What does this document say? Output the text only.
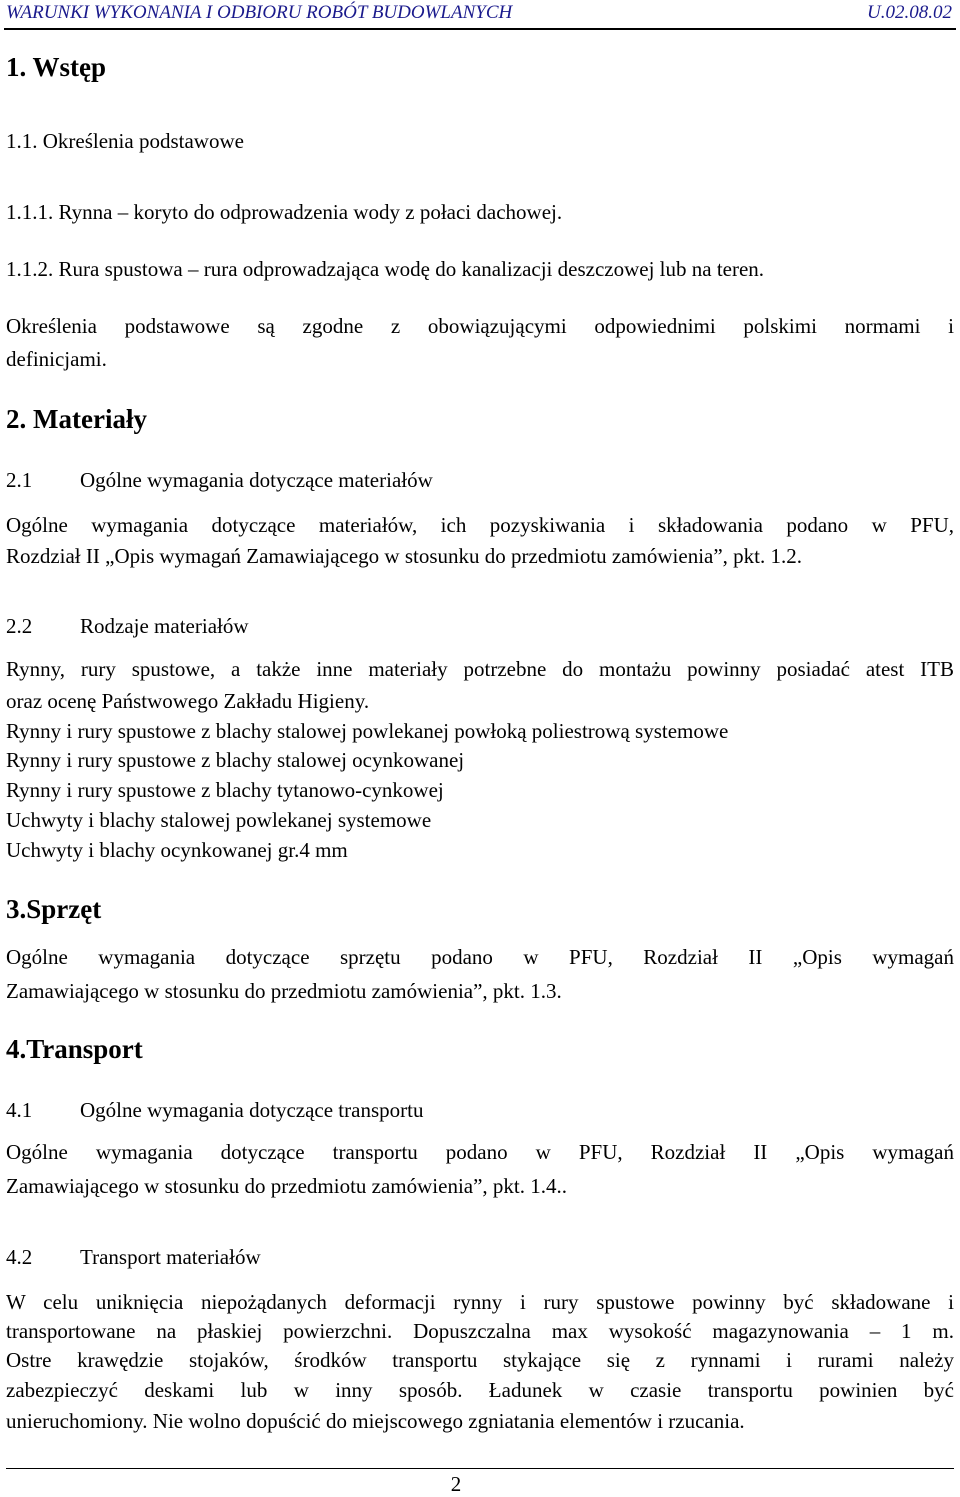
WARUNKI WYKONANIA I ODBIORU ROBÓT BUDOWLANYCH	U.02.08.02
1. Wstęp
1.1. Określenia podstawowe
1.1.1. Rynna – koryto do odprowadzenia wody z połaci dachowej.
1.1.2. Rura spustowa – rura odprowadzająca wodę do kanalizacji deszczowej lub na teren.
Określenia podstawowe są zgodne z obowiązującymi odpowiednimi polskimi normami i
definicjami.
2. Materiały
2.1 Ogólne wymagania dotyczące materiałów
Ogólne wymagania dotyczące materiałów, ich pozyskiwania i składowania podano w PFU,
Rozdział II „Opis wymagań Zamawiającego w stosunku do przedmiotu zamówienia”, pkt. 1.2.
2.2 Rodzaje materiałów
Rynny, rury spustowe, a także inne materiały potrzebne do montażu powinny posiadać atest ITB
oraz ocenę Państwowego Zakładu Higieny.
Rynny i rury spustowe z blachy stalowej powlekanej powłoką poliestrową systemowe
Rynny i rury spustowe z blachy stalowej ocynkowanej
Rynny i rury spustowe z blachy tytanowo-cynkowej
Uchwyty i blachy stalowej powlekanej systemowe
Uchwyty i blachy ocynkowanej gr.4 mm
3.Sprzęt
Ogólne wymagania dotyczące sprzętu podano w PFU, Rozdział II „Opis wymagań
Zamawiającego w stosunku do przedmiotu zamówienia”, pkt. 1.3.
4.Transport
4.1 Ogólne wymagania dotyczące transportu
Ogólne wymagania dotyczące transportu podano w PFU, Rozdział II „Opis wymagań
Zamawiającego w stosunku do przedmiotu zamówienia”, pkt. 1.4..
4.2 Transport materiałów
W celu uniknięcia niepożądanych deformacji rynny i rury spustowe powinny być składowane i
transportowane na płaskiej powierzchni. Dopuszczalna max wysokość magazynowania – 1 m.
Ostre krawędzie stojaków, środków transportu stykające się z rynnami i rurami należy
zabezpieczyć deskami lub w inny sposób. Ładunek w czasie transportu powinien być
unieruchomiony. Nie wolno dopuścić do miejscowego zgniatania elementów i rzucania.
2
